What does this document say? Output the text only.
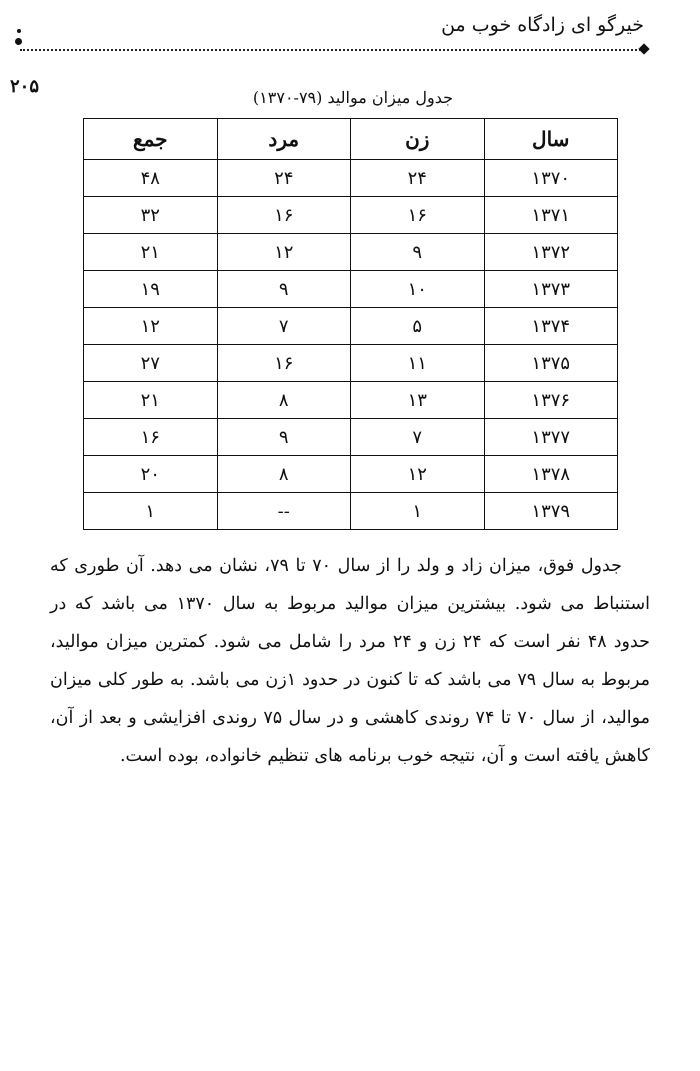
خیرگو ای زادگاه خوب من
۲۰۵
جدول میزان موالید (۷۹-۱۳۷۰)
سال	زن	مرد	جمع
۱۳۷۰	۲۴	۲۴	۴۸
۱۳۷۱	۱۶	۱۶	۳۲
۱۳۷۲	۹	۱۲	۲۱
۱۳۷۳	۱۰	۹	۱۹
۱۳۷۴	۵	۷	۱۲
۱۳۷۵	۱۱	۱۶	۲۷
۱۳۷۶	۱۳	۸	۲۱
۱۳۷۷	۷	۹	۱۶
۱۳۷۸	۱۲	۸	۲۰
۱۳۷۹	۱	--	۱

جدول فوق، میزان زاد و ولد را از سال ۷۰ تا ۷۹، نشان می دهد. آن طوری که استنباط می شود. بیشترین میزان موالید مربوط به سال ۱۳۷۰ می باشد که در حدود ۴۸ نفر است که ۲۴ زن و ۲۴ مرد را شامل می شود. کمترین میزان موالید، مربوط به سال ۷۹ می باشد که تا کنون در حدود ۱زن می باشد. به طور کلی میزان موالید، از سال ۷۰ تا ۷۴ روندی کاهشی و در سال ۷۵ روندی افزایشی و بعد از آن، کاهش یافته است و آن، نتیجه خوب برنامه های تنظیم خانواده، بوده است.
